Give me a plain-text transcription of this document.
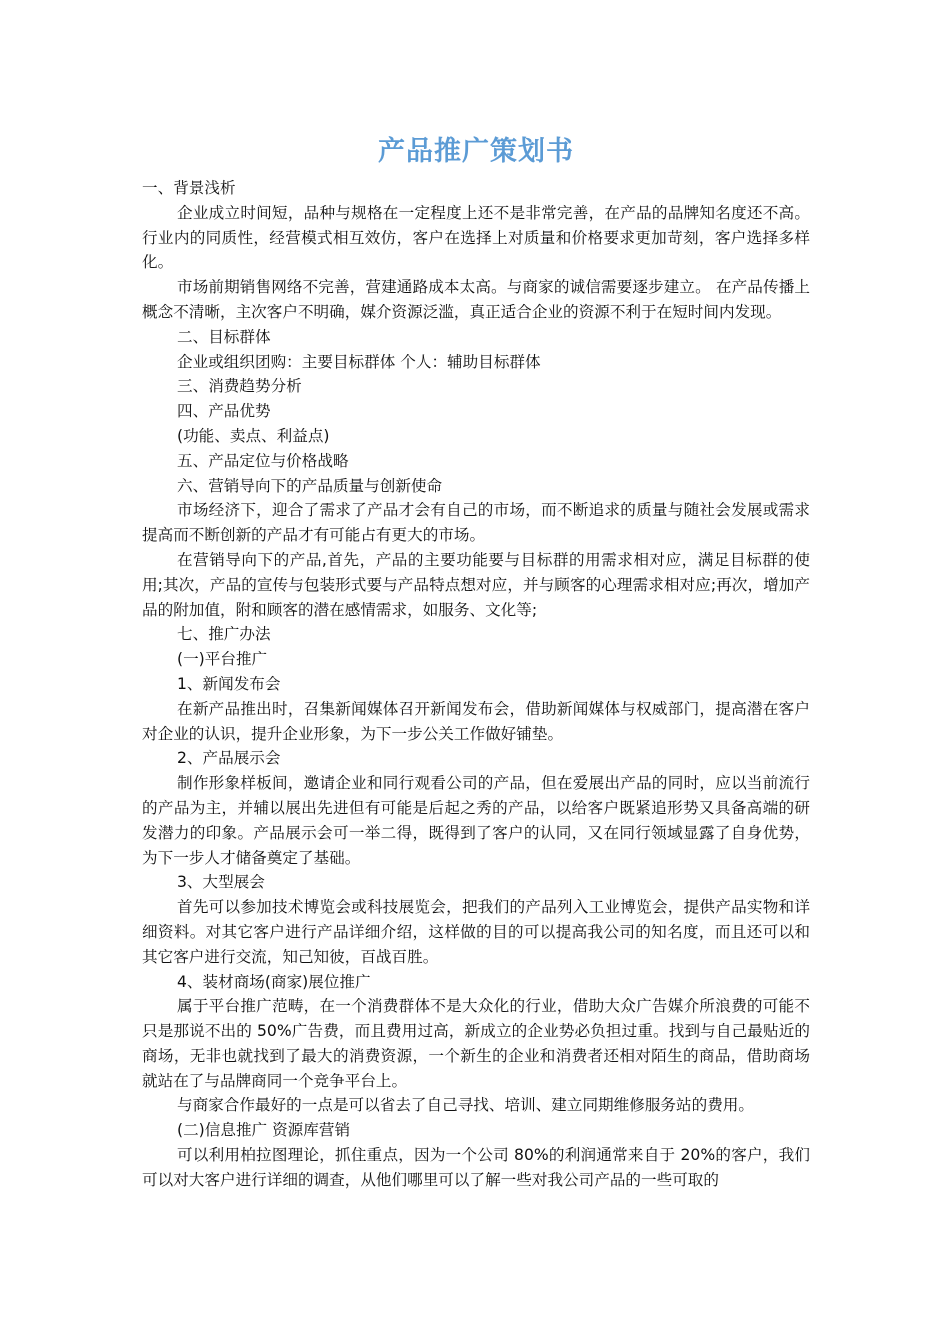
产品推广策划书

一、背景浅析

企业成立时间短，品种与规格在一定程度上还不是非常完善，在产品的品牌知名度还不高。行业内的同质性，经营模式相互效仿，客户在选择上对质量和价格要求更加苛刻，客户选择多样化。

市场前期销售网络不完善，营建通路成本太高。与商家的诚信需要逐步建立。 在产品传播上概念不清晰，主次客户不明确，媒介资源泛滥，真正适合企业的资源不利于在短时间内发现。

二、目标群体

企业或组织团购：主要目标群体 个人：辅助目标群体

三、消费趋势分析

四、产品优势

(功能、卖点、利益点)

五、产品定位与价格战略

六、营销导向下的产品质量与创新使命

市场经济下，迎合了需求了产品才会有自己的市场，而不断追求的质量与随社会发展或需求提高而不断创新的产品才有可能占有更大的市场。

在营销导向下的产品,首先，产品的主要功能要与目标群的用需求相对应，满足目标群的使用;其次，产品的宣传与包装形式要与产品特点想对应，并与顾客的心理需求相对应;再次，增加产品的附加值，附和顾客的潜在感情需求，如服务、文化等;

七、推广办法

(一)平台推广

1、新闻发布会

在新产品推出时，召集新闻媒体召开新闻发布会，借助新闻媒体与权威部门，提高潜在客户对企业的认识，提升企业形象，为下一步公关工作做好铺垫。

2、产品展示会

制作形象样板间，邀请企业和同行观看公司的产品，但在爱展出产品的同时，应以当前流行的产品为主，并辅以展出先进但有可能是后起之秀的产品，以给客户既紧追形势又具备高端的研发潜力的印象。产品展示会可一举二得，既得到了客户的认同，又在同行领域显露了自身优势，为下一步人才储备奠定了基础。

3、大型展会

首先可以参加技术博览会或科技展览会，把我们的产品列入工业博览会，提供产品实物和详细资料。对其它客户进行产品详细介绍，这样做的目的可以提高我公司的知名度，而且还可以和其它客户进行交流，知己知彼，百战百胜。

4、装材商场(商家)展位推广

属于平台推广范畴，在一个消费群体不是大众化的行业，借助大众广告媒介所浪费的可能不只是那说不出的 50%广告费，而且费用过高，新成立的企业势必负担过重。找到与自己最贴近的商场，无非也就找到了最大的消费资源，一个新生的企业和消费者还相对陌生的商品，借助商场就站在了与品牌商同一个竞争平台上。

与商家合作最好的一点是可以省去了自己寻找、培训、建立同期维修服务站的费用。

(二)信息推广 资源库营销

可以利用柏拉图理论，抓住重点，因为一个公司 80%的利润通常来自于 20%的客户，我们可以对大客户进行详细的调查，从他们哪里可以了解一些对我公司产品的一些可取的
